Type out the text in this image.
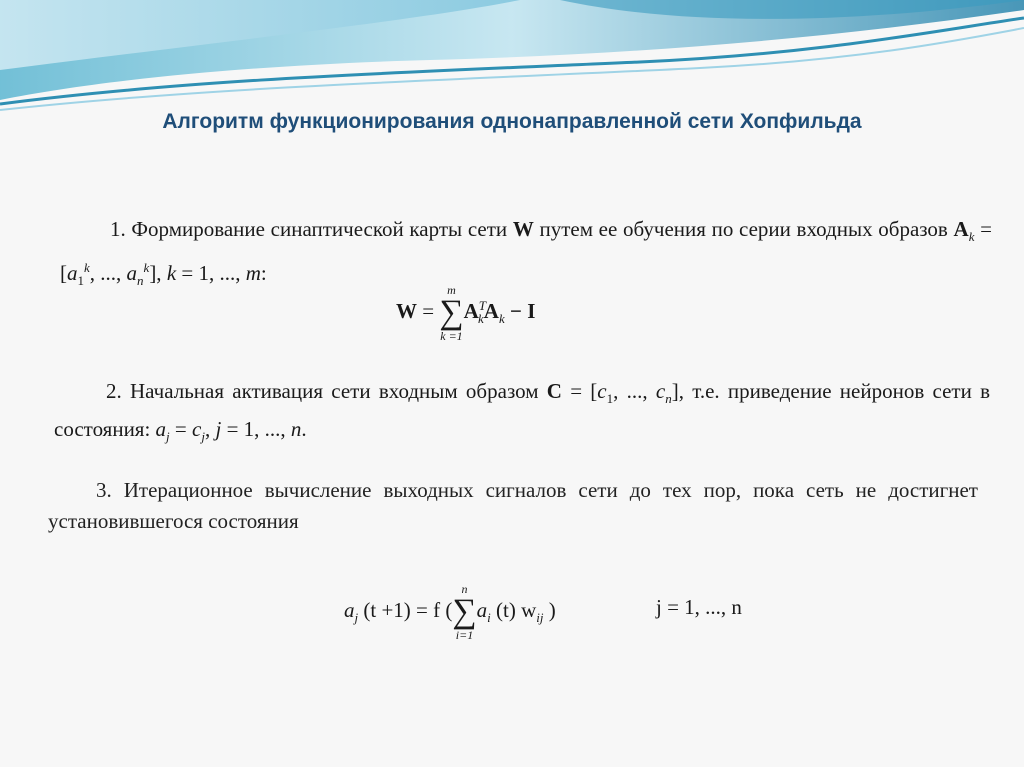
Алгоритм функционирования однонаправленной сети Хопфильда
1. Формирование синаптической карты сети W путем ее обучения по серии входных образов $A_k = [a_1^k$, ..., $a_n^k$], k = 1, ..., m:
W =
m
∑
k =1
$A^T_kA_k - I$
2. Начальная активация сети входным образом $C = [c_1$, ..., $c_n$], т.е. приведение нейронов сети в состояния: $a_j = c_j$, j = 1, ..., n.
3. Итерационное вычисление выходных сигналов сети до тех пор, пока сеть не достигнет установившегося состояния
$a_j$ (t +1) = f (
n
∑
i=1
$a_i$ (t) $w_{ij}$ )	j = 1, ..., n
